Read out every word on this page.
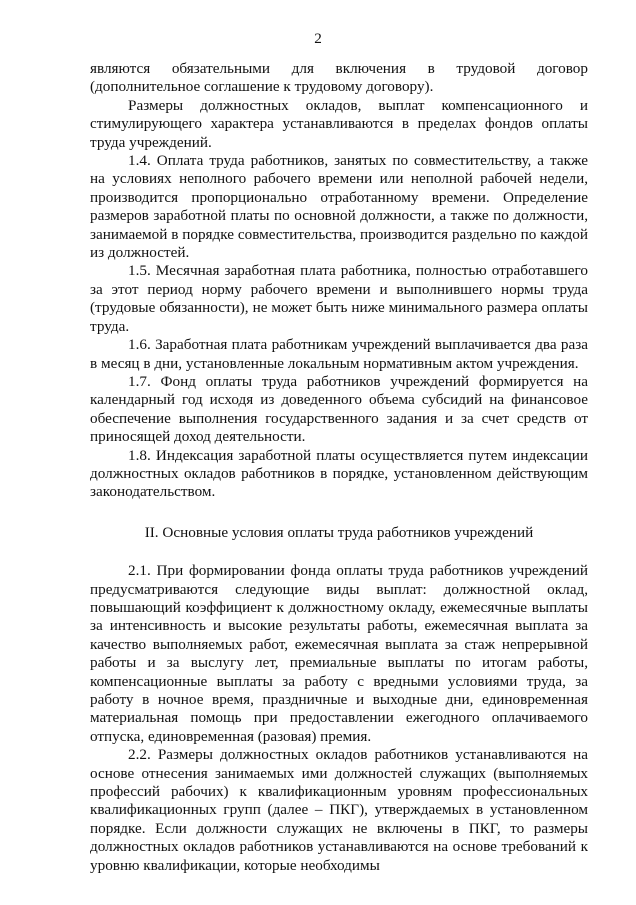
2

являются обязательными для включения в трудовой договор (дополнительное соглашение к трудовому договору).

Размеры должностных окладов, выплат компенсационного и стимулирующего характера устанавливаются в пределах фондов оплаты труда учреждений.

1.4. Оплата труда работников, занятых по совместительству, а также на условиях неполного рабочего времени или неполной рабочей недели, производится пропорционально отработанному времени. Определение размеров заработной платы по основной должности, а также по должности, занимаемой в порядке совместительства, производится раздельно по каждой из должностей.

1.5. Месячная заработная плата работника, полностью отработавшего за этот период норму рабочего времени и выполнившего нормы труда (трудовые обязанности), не может быть ниже минимального размера оплаты труда.

1.6. Заработная плата работникам учреждений выплачивается два раза в месяц в дни, установленные локальным нормативным актом учреждения.

1.7. Фонд оплаты труда работников учреждений формируется на календарный год исходя из доведенного объема субсидий на финансовое обеспечение выполнения государственного задания и за счет средств от приносящей доход деятельности.

1.8. Индексация заработной платы осуществляется путем индексации должностных окладов работников в порядке, установленном действующим законодательством.

II. Основные условия оплаты труда работников учреждений

2.1. При формировании фонда оплаты труда работников учреждений предусматриваются следующие виды выплат: должностной оклад, повышающий коэффициент к должностному окладу, ежемесячные выплаты за интенсивность и высокие результаты работы, ежемесячная выплата за качество выполняемых работ, ежемесячная выплата за стаж непрерывной работы и за выслугу лет, премиальные выплаты по итогам работы, компенсационные выплаты за работу с вредными условиями труда, за работу в ночное время, праздничные и выходные дни, единовременная материальная помощь при предоставлении ежегодного оплачиваемого отпуска, единовременная (разовая) премия.

2.2. Размеры должностных окладов работников устанавливаются на основе отнесения занимаемых ими должностей служащих (выполняемых профессий рабочих) к квалификационным уровням профессиональных квалификационных групп (далее – ПКГ), утверждаемых в установленном порядке. Если должности служащих не включены в ПКГ, то размеры должностных окладов работников устанавливаются на основе требований к уровню квалификации, которые необходимы
